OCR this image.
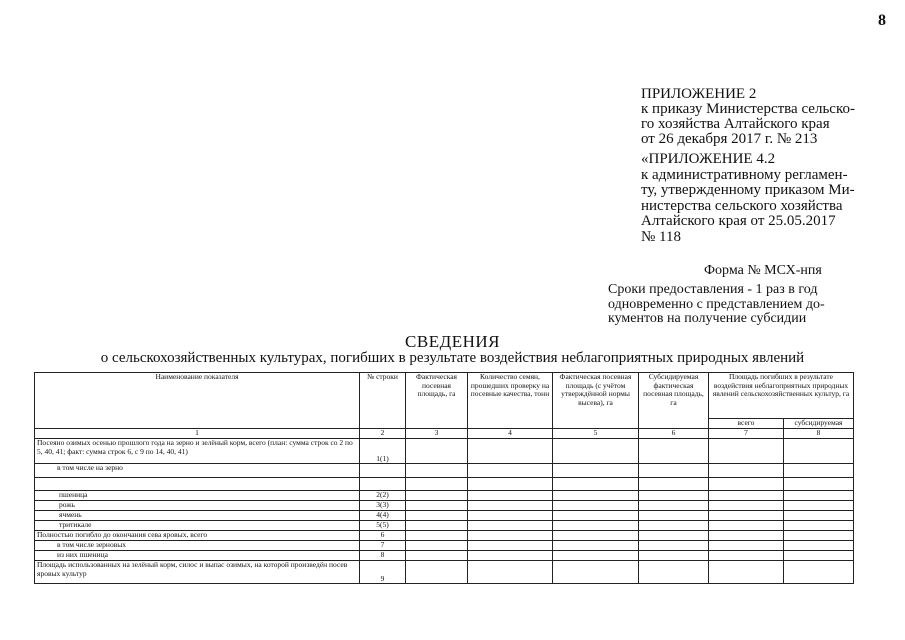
8
ПРИЛОЖЕНИЕ 2
к приказу Министерства сельско-
го хозяйства Алтайского края
от 26 декабря 2017 г. № 213
«ПРИЛОЖЕНИЕ 4.2
к административному регламен-
ту, утвержденному приказом Ми-
нистерства сельского хозяйства
Алтайского края от 25.05.2017
№ 118
Форма № МСХ-нпя
Сроки предоставления - 1 раз в год
одновременно с представлением до-
кументов на получение субсидии
СВЕДЕНИЯ
о сельскохозяйственных культурах, погибших в результате воздействия неблагоприятных природных явлений
Наименование показателя	№ строки	Фактическая посевная площадь, га	Количество семян, прошедших проверку на посевные качества, тонн	Фактическая посевная площадь (с учётом утверждённой нормы высева), га	Субсидируемая фактическая посевная площадь, га	Площадь погибших в результате воздействия неблагоприятных природных явлений сельскохозяйственных культур, га	
						всего	субсидируемая
1	2	3	4	5	6	7	8
Посеяно озимых осенью прошлого года на зерно и зелёный корм, всего (план: сумма строк со 2 по 5, 40, 41; факт: сумма строк 6, с 9 по 14, 40, 41)	1(1)						
в том числе на зерно							

пшеница	2(2)						
рожь	3(3)						
ячмень	4(4)						
тритикале	5(5)						
Полностью погибло до окончания сева яровых, всего	6						
в том числе зерновых	7						
из них пшеница	8						
Площадь использованных на зелёный корм, силос и выпас озимых, на которой произведён посев яровых культур	9						
